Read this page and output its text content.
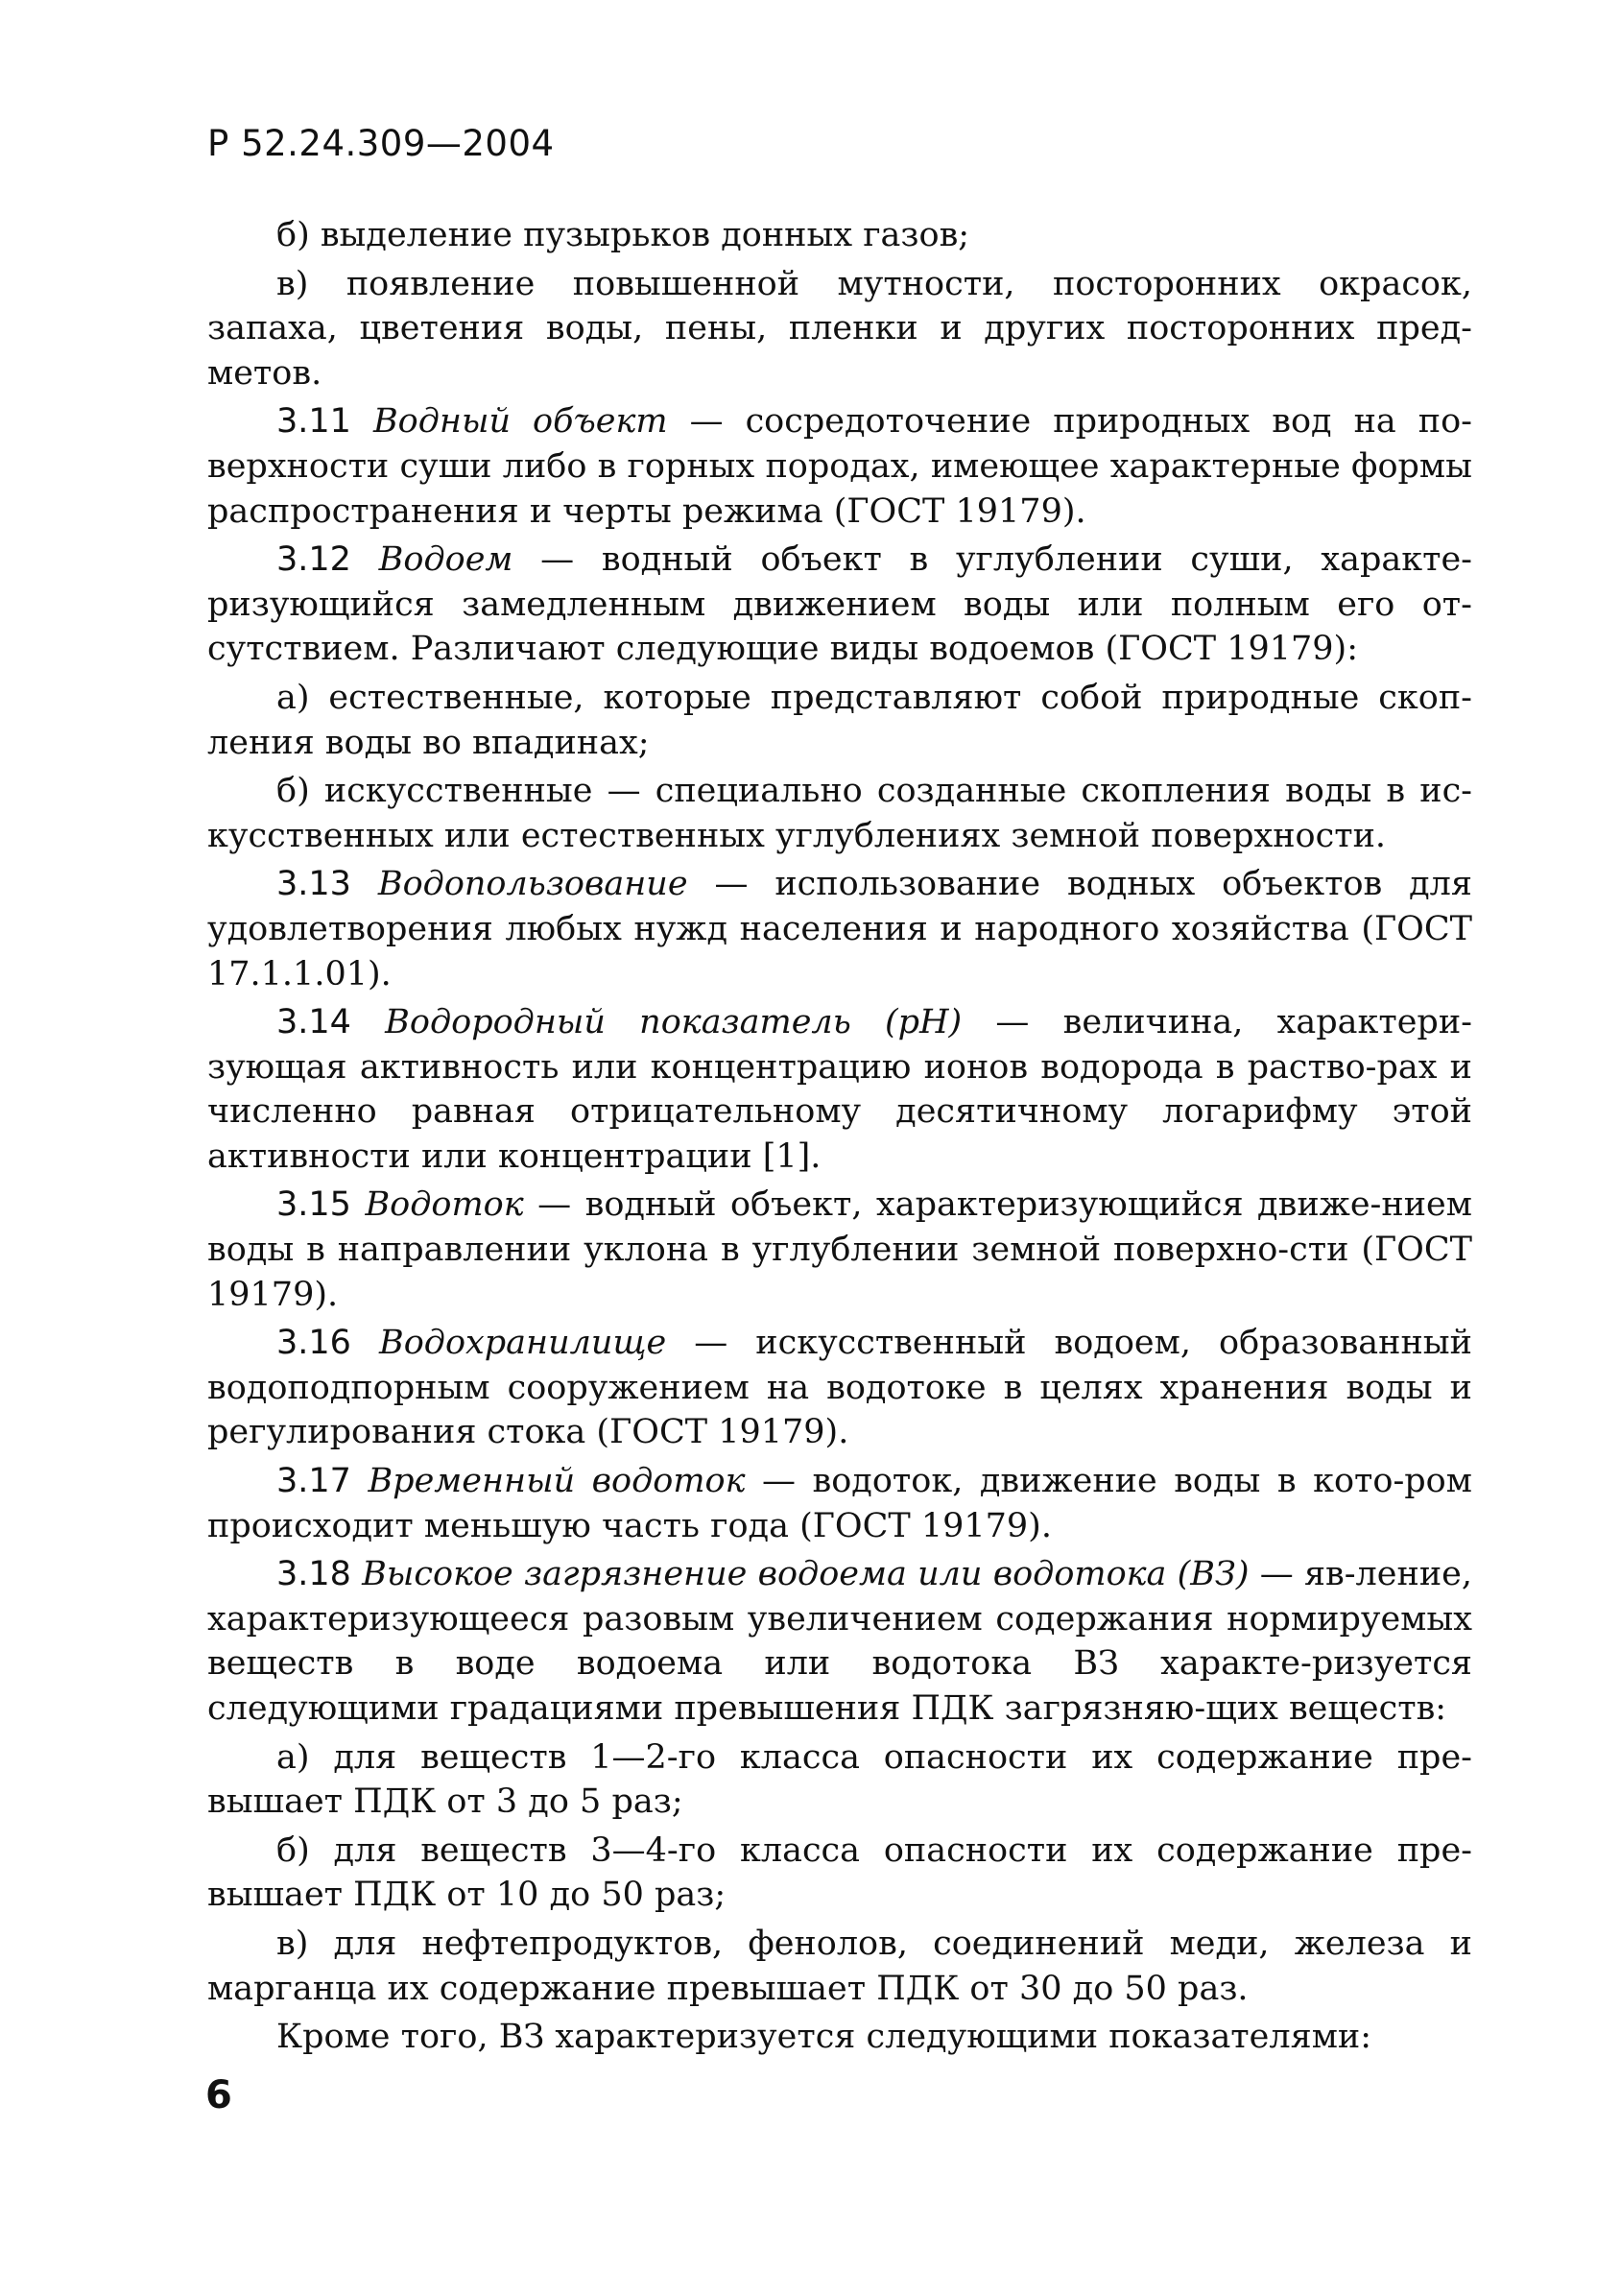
Р 52.24.309—2004

б) выделение пузырьков донных газов;

в) появление повышенной мутности, посторонних окрасок, запаха, цветения воды, пены, пленки и других посторонних пред-метов.

3.11 Водный объект — сосредоточение природных вод на по-верхности суши либо в горных породах, имеющее характерные формы распространения и черты режима (ГОСТ 19179).

3.12 Водоем — водный объект в углублении суши, характе-ризующийся замедленным движением воды или полным его от-сутствием. Различают следующие виды водоемов (ГОСТ 19179):

а) естественные, которые представляют собой природные скоп-ления воды во впадинах;

б) искусственные — специально созданные скопления воды в ис-кусственных или естественных углублениях земной поверхности.

3.13 Водопользование — использование водных объектов для удовлетворения любых нужд населения и народного хозяйства (ГОСТ 17.1.1.01).

3.14 Водородный показатель (pH) — величина, характери-зующая активность или концентрацию ионов водорода в раство-рах и численно равная отрицательному десятичному логарифму этой активности или концентрации [1].

3.15 Водоток — водный объект, характеризующийся движе-нием воды в направлении уклона в углублении земной поверхно-сти (ГОСТ 19179).

3.16 Водохранилище — искусственный водоем, образованный водоподпорным сооружением на водотоке в целях хранения воды и регулирования стока (ГОСТ 19179).

3.17 Временный водоток — водоток, движение воды в кото-ром происходит меньшую часть года (ГОСТ 19179).

3.18 Высокое загрязнение водоема или водотока (ВЗ) — яв-ление, характеризующееся разовым увеличением содержания нормируемых веществ в воде водоема или водотока ВЗ характе-ризуется следующими градациями превышения ПДК загрязняю-щих веществ:

а) для веществ 1—2-го класса опасности их содержание пре-вышает ПДК от 3 до 5 раз;

б) для веществ 3—4-го класса опасности их содержание пре-вышает ПДК от 10 до 50 раз;

в) для нефтепродуктов, фенолов, соединений меди, железа и марганца их содержание превышает ПДК от 30 до 50 раз.

Кроме того, ВЗ характеризуется следующими показателями:

6
